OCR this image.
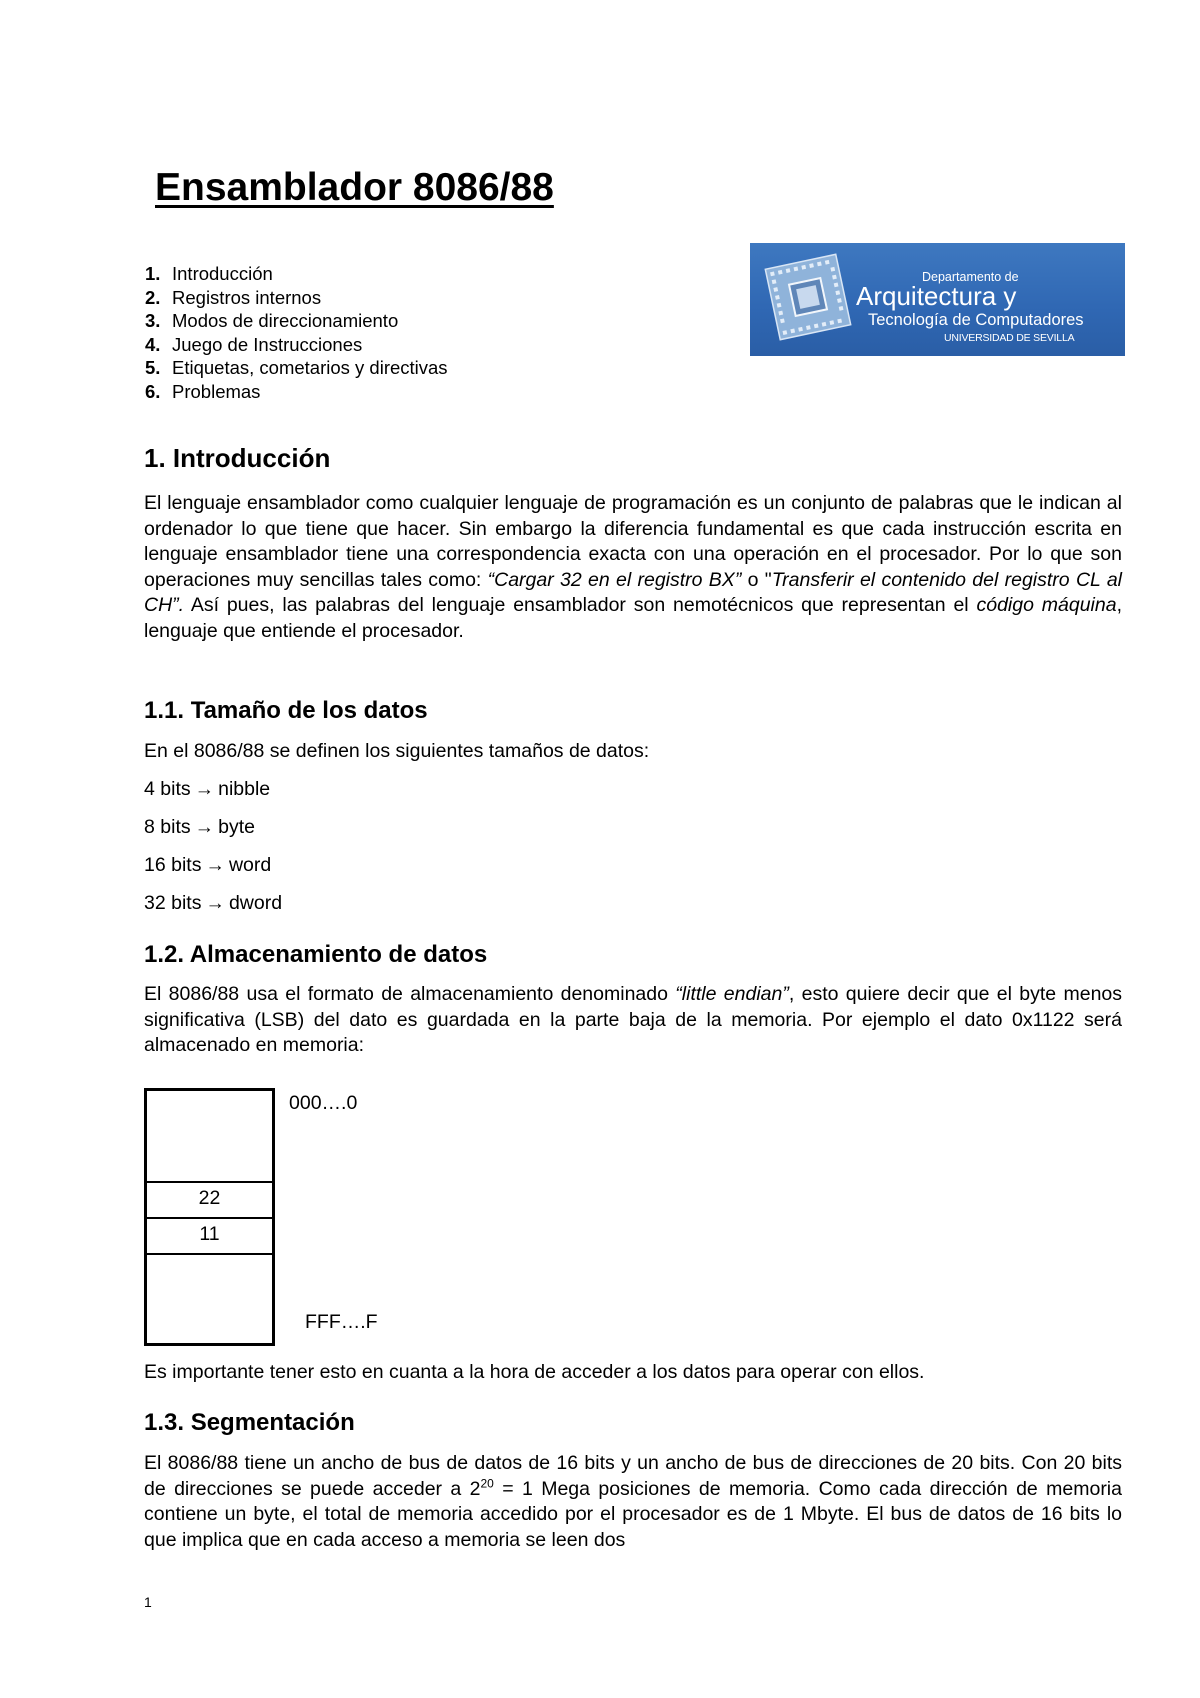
Ensamblador 8086/88
1. Introducción
2. Registros internos
3. Modos de direccionamiento
4. Juego de Instrucciones
5. Etiquetas, cometarios y directivas
6. Problemas
Departamento de
Arquitectura y
Tecnología de Computadores
UNIVERSIDAD DE SEVILLA
1. Introducción

El lenguaje ensamblador como cualquier lenguaje de programación es un conjunto de palabras que le indican al ordenador lo que tiene que hacer. Sin embargo la diferencia fundamental es que cada instrucción escrita en lenguaje ensamblador tiene una correspondencia exacta con una operación en el procesador. Por lo que son operaciones muy sencillas tales como: “Cargar 32 en el registro BX” o "Transferir el contenido del registro CL al CH”. Así pues, las palabras del lenguaje ensamblador son nemotécnicos que representan el código máquina, lenguaje que entiende el procesador.

1.1. Tamaño de los datos

En el 8086/88 se definen los siguientes tamaños de datos:

4 bits → nibble

8 bits → byte

16 bits → word

32 bits → dword

1.2. Almacenamiento de datos

El 8086/88 usa el formato de almacenamiento denominado “little endian”, esto quiere decir que el byte menos significativa (LSB) del dato es guardada en la parte baja de la memoria. Por ejemplo el dato 0x1122 será almacenado en memoria:

22
11
000….0
FFF….F

Es importante tener esto en cuanta a la hora de acceder a los datos para operar con ellos.

1.3. Segmentación

El 8086/88 tiene un ancho de bus de datos de 16 bits y un ancho de bus de direcciones de 20 bits. Con 20 bits de direcciones se puede acceder a $2^{20} = 1$ Mega posiciones de memoria. Como cada dirección de memoria contiene un byte, el total de memoria accedido por el procesador es de 1 Mbyte. El bus de datos de 16 bits lo que implica que en cada acceso a memoria se leen dos

1
